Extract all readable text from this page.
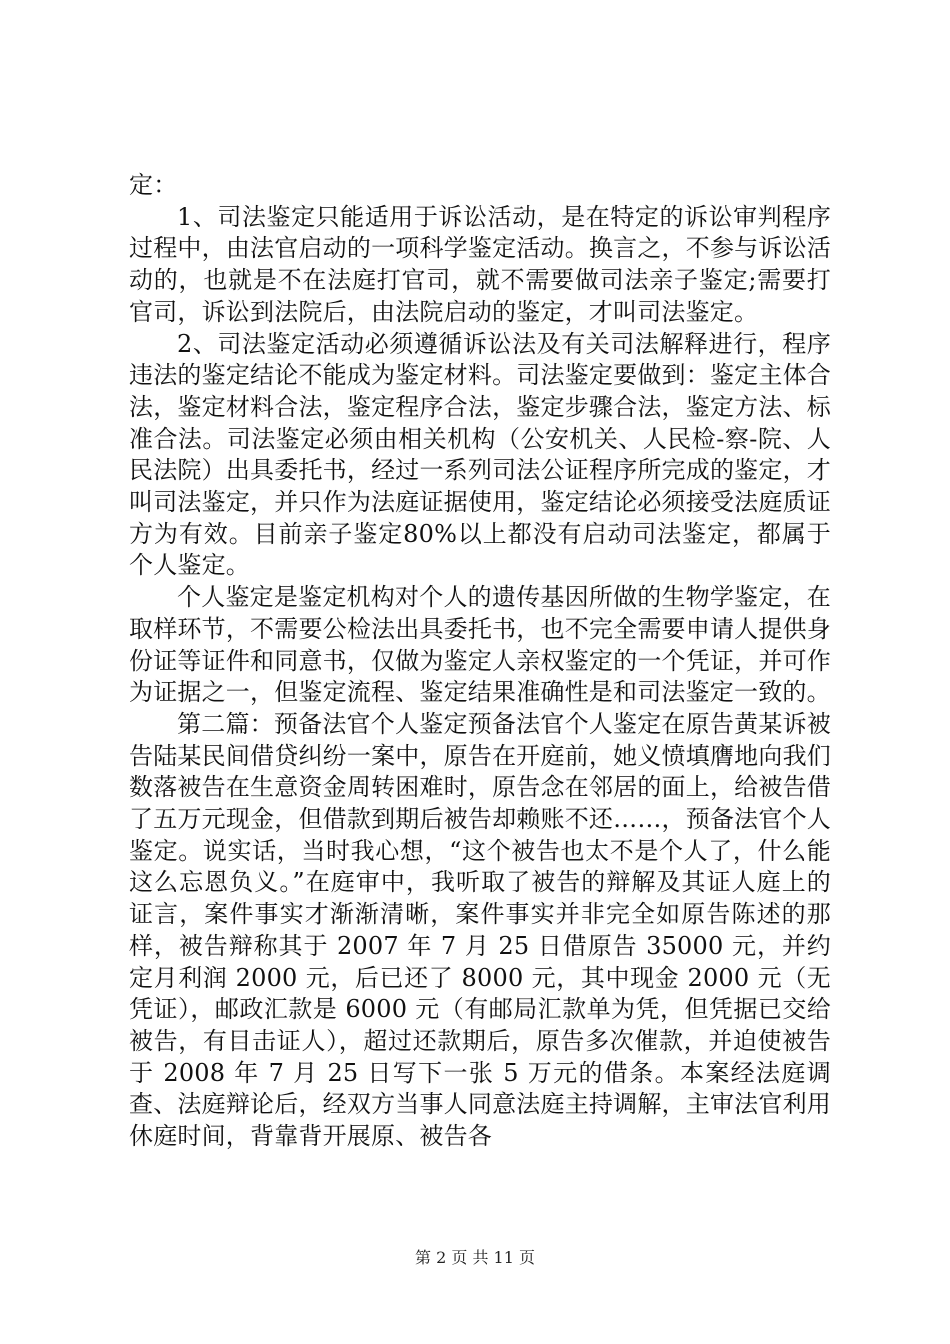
定：

1、司法鉴定只能适用于诉讼活动，是在特定的诉讼审判程序过程中，由法官启动的一项科学鉴定活动。换言之，不参与诉讼活动的，也就是不在法庭打官司，就不需要做司法亲子鉴定;需要打官司，诉讼到法院后，由法院启动的鉴定，才叫司法鉴定。

2、司法鉴定活动必须遵循诉讼法及有关司法解释进行，程序违法的鉴定结论不能成为鉴定材料。司法鉴定要做到：鉴定主体合法，鉴定材料合法，鉴定程序合法，鉴定步骤合法，鉴定方法、标准合法。司法鉴定必须由相关机构（公安机关、人民检-察-院、人民法院）出具委托书，经过一系列司法公证程序所完成的鉴定，才叫司法鉴定，并只作为法庭证据使用，鉴定结论必须接受法庭质证方为有效。目前亲子鉴定80%以上都没有启动司法鉴定，都属于个人鉴定。

个人鉴定是鉴定机构对个人的遗传基因所做的生物学鉴定，在取样环节，不需要公检法出具委托书，也不完全需要申请人提供身份证等证件和同意书，仅做为鉴定人亲权鉴定的一个凭证，并可作为证据之一，但鉴定流程、鉴定结果准确性是和司法鉴定一致的。

第二篇：预备法官个人鉴定预备法官个人鉴定在原告黄某诉被告陆某民间借贷纠纷一案中，原告在开庭前，她义愤填膺地向我们数落被告在生意资金周转困难时，原告念在邻居的面上，给被告借了五万元现金，但借款到期后被告却赖账不还……，预备法官个人鉴定。说实话，当时我心想，“这个被告也太不是个人了，什么能这么忘恩负义。”在庭审中，我听取了被告的辩解及其证人庭上的证言，案件事实才渐渐清晰，案件事实并非完全如原告陈述的那样，被告辩称其于 2007 年 7 月 25 日借原告 35000 元，并约定月利润 2000 元，后已还了 8000 元，其中现金 2000 元（无凭证），邮政汇款是 6000 元（有邮局汇款单为凭，但凭据已交给被告，有目击证人），超过还款期后，原告多次催款，并迫使被告于 2008 年 7 月 25 日写下一张 5 万元的借条。本案经法庭调查、法庭辩论后，经双方当事人同意法庭主持调解，主审法官利用休庭时间，背靠背开展原、被告各

第 2 页 共 11 页
